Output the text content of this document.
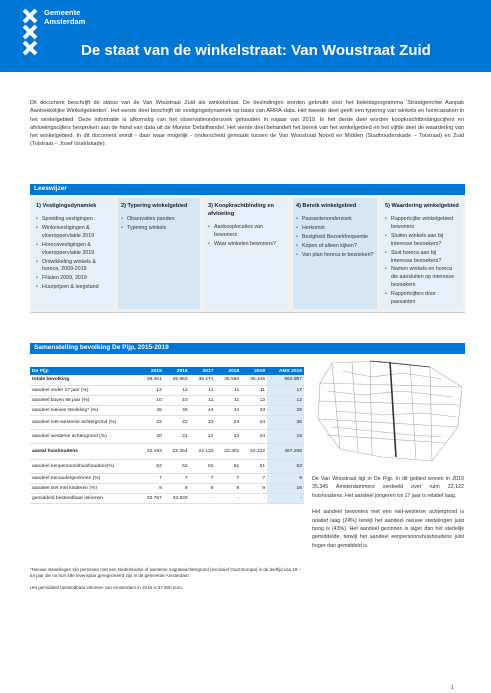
Gemeente
Amsterdam
De staat van de winkelstraat: Van Woustraat Zuid
Dit document beschrijft de status van de Van Woustraat Zuid als winkelstraat. De bevindingen worden gebruikt voor het beleidsprogramma 'Straatgerichte Aanpak Aantrekkelijke Winkelgebieden'. Het eerste deel beschrijft de vestigingsdynamiek op basis van ARRA-data. Het tweede deel geeft een typering van winkels en horecazaken in het winkelgebied. Deze informatie is afkomstig van het observatieonderzoek gehouden in najaar van 2019. In het derde deel worden koopkrachtbindingscijfers en afvloeiingscijfers besproken aan de hand van data uit de Monitor Detailhandel. Het vierde deel behandelt het bereik van het winkelgebied en het vijfde deel de waardering van het winkelgebied. In dit document wordt - daar waar mogelijk - onderscheid gemaakt tussen de Van Woustraat Noord en Midden (Stadhouderskade – Toistraat) en Zuid (Toistraat – Josef Israëlskade).
Leeswijzer
1) Vestigingsdynamiek
• Spreiding vestigingen
• Winkelvestigingen & vloeroppervlakte 2019
• Horecavestigingen & vloeroppervlakte 2019
• Ontwikkeling winkels & horeca, 2009-2019
• Filialen 2009, 2019
• Huurprijzen & leegstand
2) Typering winkelgebied
• Observaties panden
• Typering winkels
3) Koopkrachtbinding en afvloeiing
• Aankooplocaties van bewoners
• Waar winkelen bewoners?
4) Bereik winkelgebied
• Passantenonderzoek
• Herkomst
• Bezigheid Bezoekfrequentie
• Kopen of alleen kijken?
• Van plan horeca te bezoeken?
5) Waardering winkelgebied
• Rapportcijfer winkelgebied bewoners
• Sluiten winkels aan bij interesse bezoekers?
• Sluit horeca aan bij interesse bezoekers?
• Namen winkels en horeca die aansluiten op interesse bezoekers
• Rapportcijfers door passanten
Samenstelling bevolking De Pijp, 2015-2019
De Pijp	2015	2016	2017	2018	2019	AMS 2019
totale bevolking	35.461	35.553	35.271	35.560	35.345	862.987
aandeel onder 17 jaar (%)	12	12	11	11	11	17
aandeel boven 65 jaar (%)	10	10	11	11	12	12
aandeel nieuwe stedeling* (%)	45	45	44	44	43	29
aandeel niet-westerse achtergrond (%)	22	22	23	23	24	36
aandeel westerse achtergrond (%)	20	21	21	23	24	19
aantal huishoudens	22.193	22.254	22.132	22.301	22.122	467.206
aandeel eenpersoonshuishoudens(%)	62	62	62	61	61	53
aandeel eenoudergezinnen (%)	7	7	7	7	7	9
aandeel stel met kinderen (%)	9	9	9	9	9	16
gemiddeld besteedbaar inkomen	32.767	33.933	-	-	-	-

*Nieuwe stedelingen zijn personen met een Nederlandse of westerse migratieachtergrond (exclusief Oost-Europa) in de leeftijd van 18 – 54 jaar die na hun 18e levensjaar geregistreerd zijn in de gemeente Amsterdam.

Het gemiddeld besteedbaar inkomen van Amsterdam in 2016 is 37.800 euro.

De Van Woustraat ligt in De Pijp. In dit gebied wonen in 2019 35.345 Amsterdammers verdeeld over ruim 22.122 huishoudens. Het aandeel jongeren tot 17 jaar is relatief laag.

Het aandeel bewoners met een niet-westerse achtergrond is relatief laag (24%) terwijl het aandeel nieuwe stedelingen juist hoog is (43%). Het aandeel gezinnen is lager dan het stedelijk gemiddelde, terwijl het aandeel eenpersoonshuishoudens juist hoger dan gemiddeld is.

1
